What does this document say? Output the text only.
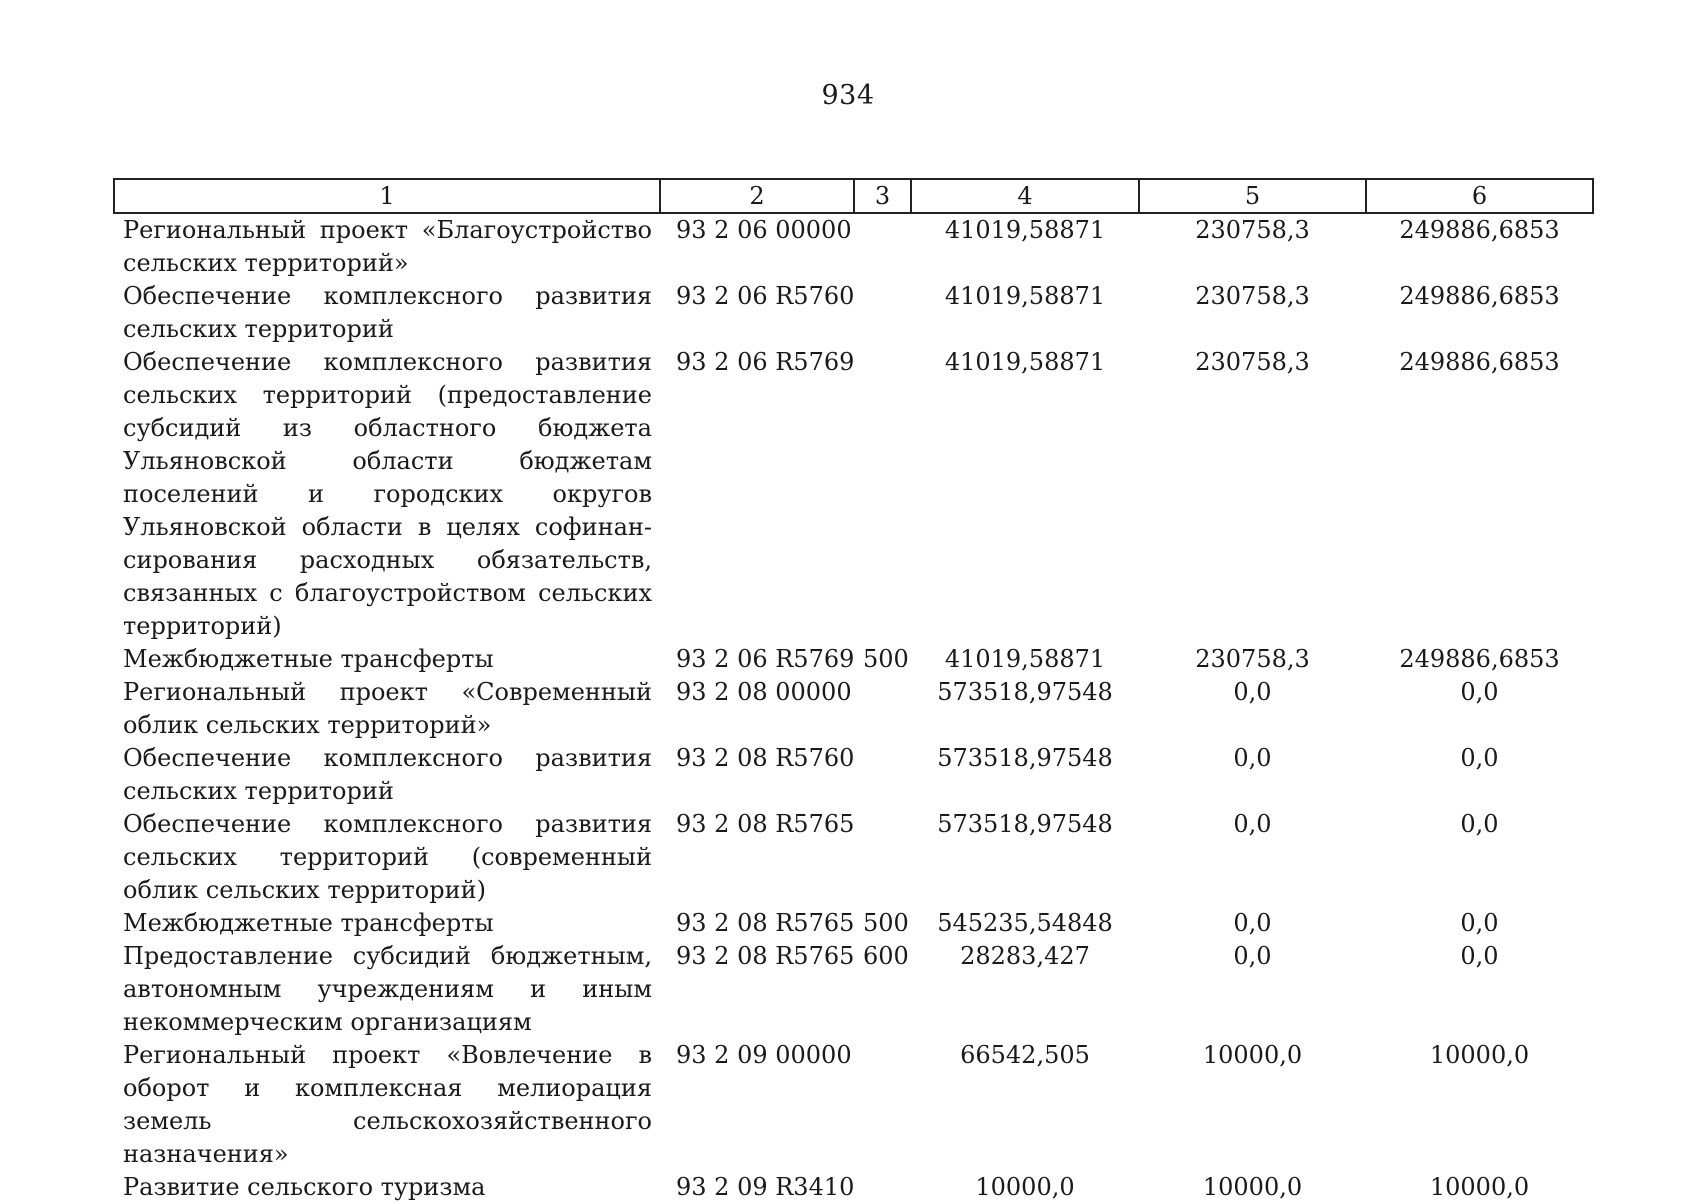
934
1	2	3	4	5	6
Региональный проект «Благоустройство сельских территорий»	93 2 06 00000		41019,58871	230758,3	249886,6853
Обеспечение комплексного развития сельских территорий	93 2 06 R5760		41019,58871	230758,3	249886,6853
Обеспечение комплексного развития сельских территорий (предоставление субсидий из областного бюджета Ульяновской области бюджетам поселений и городских округов Ульяновской области в целях софинансирования расходных обязательств, связанных с благоустройством сельских территорий)	93 2 06 R5769		41019,58871	230758,3	249886,6853
Межбюджетные трансферты	93 2 06 R5769	500	41019,58871	230758,3	249886,6853
Региональный проект «Современный облик сельских территорий»	93 2 08 00000		573518,97548	0,0	0,0
Обеспечение комплексного развития сельских территорий	93 2 08 R5760		573518,97548	0,0	0,0
Обеспечение комплексного развития сельских территорий (современный облик сельских территорий)	93 2 08 R5765		573518,97548	0,0	0,0
Межбюджетные трансферты	93 2 08 R5765	500	545235,54848	0,0	0,0
Предоставление субсидий бюджетным, автономным учреждениям и иным некоммерческим организациям	93 2 08 R5765	600	28283,427	0,0	0,0
Региональный проект «Вовлечение в оборот и комплексная мелиорация земель сельскохозяйственного назначения»	93 2 09 00000		66542,505	10000,0	10000,0
Развитие сельского туризма	93 2 09 R3410		10000,0	10000,0	10000,0
